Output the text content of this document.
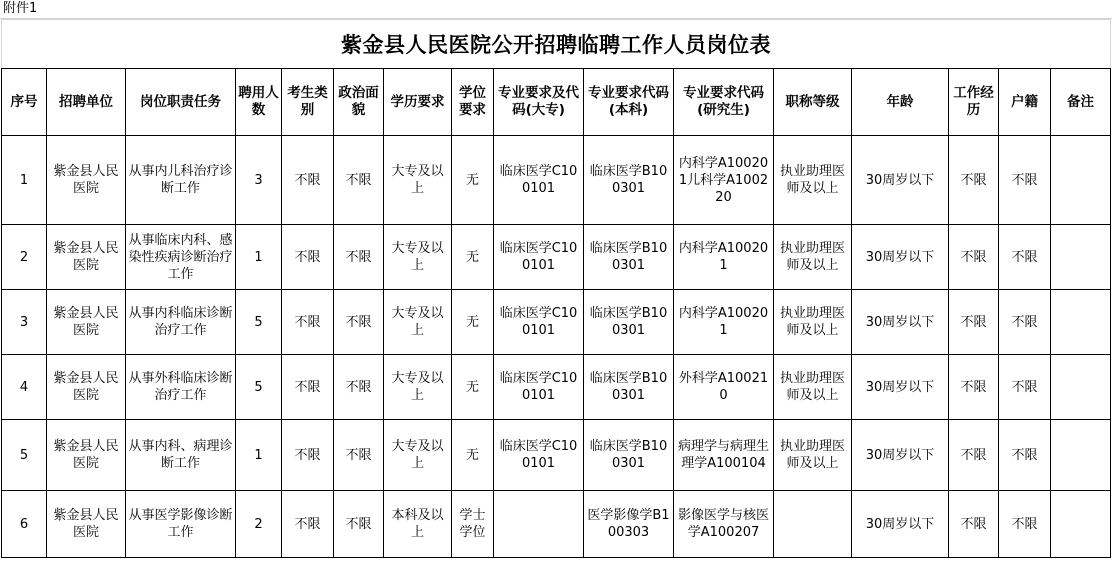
附件1
紫金县人民医院公开招聘临聘工作人员岗位表															
序号	招聘单位	岗位职责任务	聘用人数	考生类别	政治面貌	学历要求	学位要求	专业要求及代码(大专)	专业要求代码(本科)	专业要求代码(研究生)	职称等级	年龄	工作经历	户籍	备注
1	紫金县人民医院	从事内儿科治疗诊断工作	3	不限	不限	大专及以上	无	临床医学C100101	临床医学B100301	内科学A100201儿科学A100220	执业助理医师及以上	30周岁以下	不限	不限	
2	紫金县人民医院	从事临床内科、感染性疾病诊断治疗工作	1	不限	不限	大专及以上	无	临床医学C100101	临床医学B100301	内科学A100201	执业助理医师及以上	30周岁以下	不限	不限	
3	紫金县人民医院	从事内科临床诊断治疗工作	5	不限	不限	大专及以上	无	临床医学C100101	临床医学B100301	内科学A100201	执业助理医师及以上	30周岁以下	不限	不限	
4	紫金县人民医院	从事外科临床诊断治疗工作	5	不限	不限	大专及以上	无	临床医学C100101	临床医学B100301	外科学A100210	执业助理医师及以上	30周岁以下	不限	不限	
5	紫金县人民医院	从事内科、病理诊断工作	1	不限	不限	大专及以上	无	临床医学C100101	临床医学B100301	病理学与病理生理学A100104	执业助理医师及以上	30周岁以下	不限	不限	
6	紫金县人民医院	从事医学影像诊断工作	2	不限	不限	本科及以上	学士学位		医学影像学B100303	影像医学与核医学A100207		30周岁以下	不限	不限	
